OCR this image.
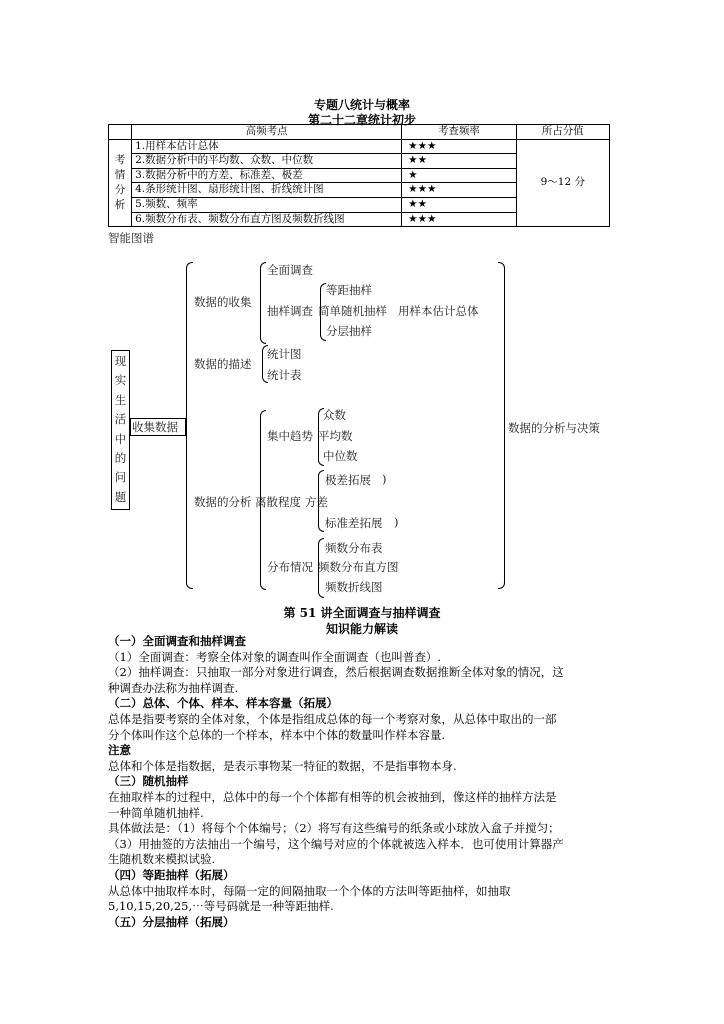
专题八统计与概率
第二十二章统计初步
	高频考点	考查频率	所占分值
考
情
分
析	1.用样本估计总体	★★★	9～12 分
	2.数据分析中的平均数、众数、中位数	★★	
	3.数据分析中的方差、标准差、极差	★	
	4.条形统计图、扇形统计图、折线统计图	★★★	
	5.频数、频率	★★	
	6.频数分布表、频数分布直方图及频数折线图	★★★	
智能图谱
现
实
生
活
中
的
问
题
收集数据
数据的收集
全面调查
抽样调查
等距抽样
简单随机抽样 用样本估计总体
分层抽样
数据的描述
统计图
统计表
数据的分析
集中趋势
众数
平均数
中位数
离散程度
极差拓展 )
方差
标准差拓展 )
分布情况
频数分布表
频数分布直方图
频数折线图
数据的分析与决策
第 51 讲全面调查与抽样调查
知识能力解读
（一）全面调查和抽样调查
（1）全面调查：考察全体对象的调查叫作全面调查（也叫普查）.
（2）抽样调查：只抽取一部分对象进行调查，然后根据调查数据推断全体对象的情况，这
种调查办法称为抽样调查.
（二）总体、个体、样本、样本容量（拓展）
总体是指要考察的全体对象，个体是指组成总体的每一个考察对象，从总体中取出的一部
分个体叫作这个总体的一个样本，样本中个体的数量叫作样本容量.
注意
总体和个体是指数据，是表示事物某一特征的数据，不是指事物本身.
（三）随机抽样
在抽取样本的过程中，总体中的每一个个体都有相等的机会被抽到，像这样的抽样方法是
一种简单随机抽样.
具体做法是：（1）将每个个体编号；（2）将写有这些编号的纸条或小球放入盒子并搅匀；
（3）用抽签的方法抽出一个编号，这个编号对应的个体就被选入样本．也可使用计算器产
生随机数来模拟试验.
（四）等距抽样（拓展）
从总体中抽取样本时，每隔一定的间隔抽取一个个体的方法叫等距抽样，如抽取
5,10,15,20,25,⋯等号码就是一种等距抽样.
（五）分层抽样（拓展）
